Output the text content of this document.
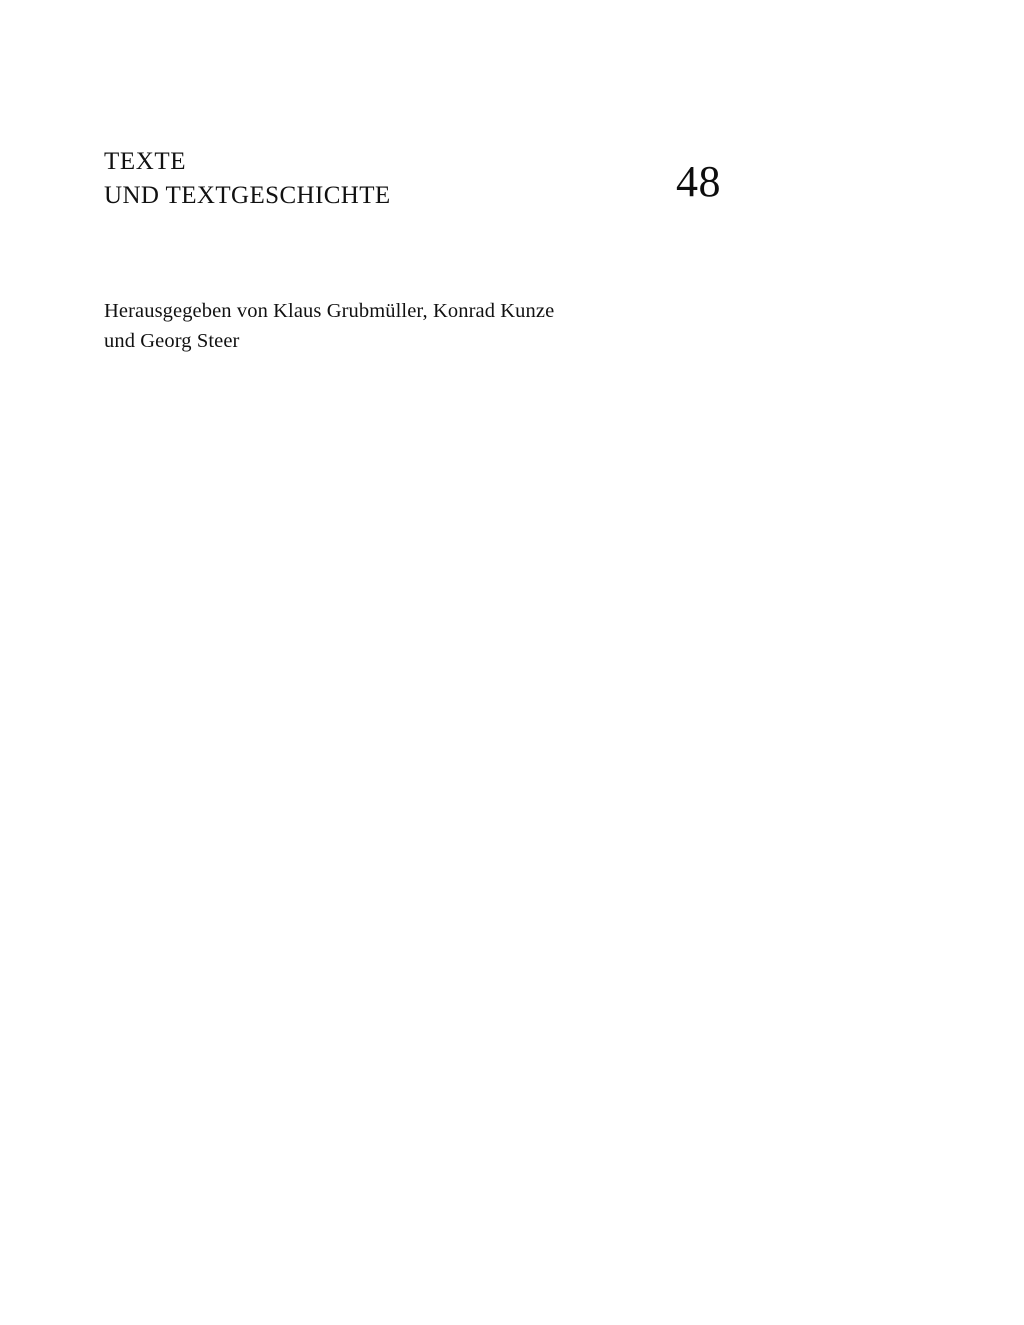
TEXTE
UND TEXTGESCHICHTE	48
Herausgegeben von Klaus Grubmüller, Konrad Kunze
und Georg Steer
